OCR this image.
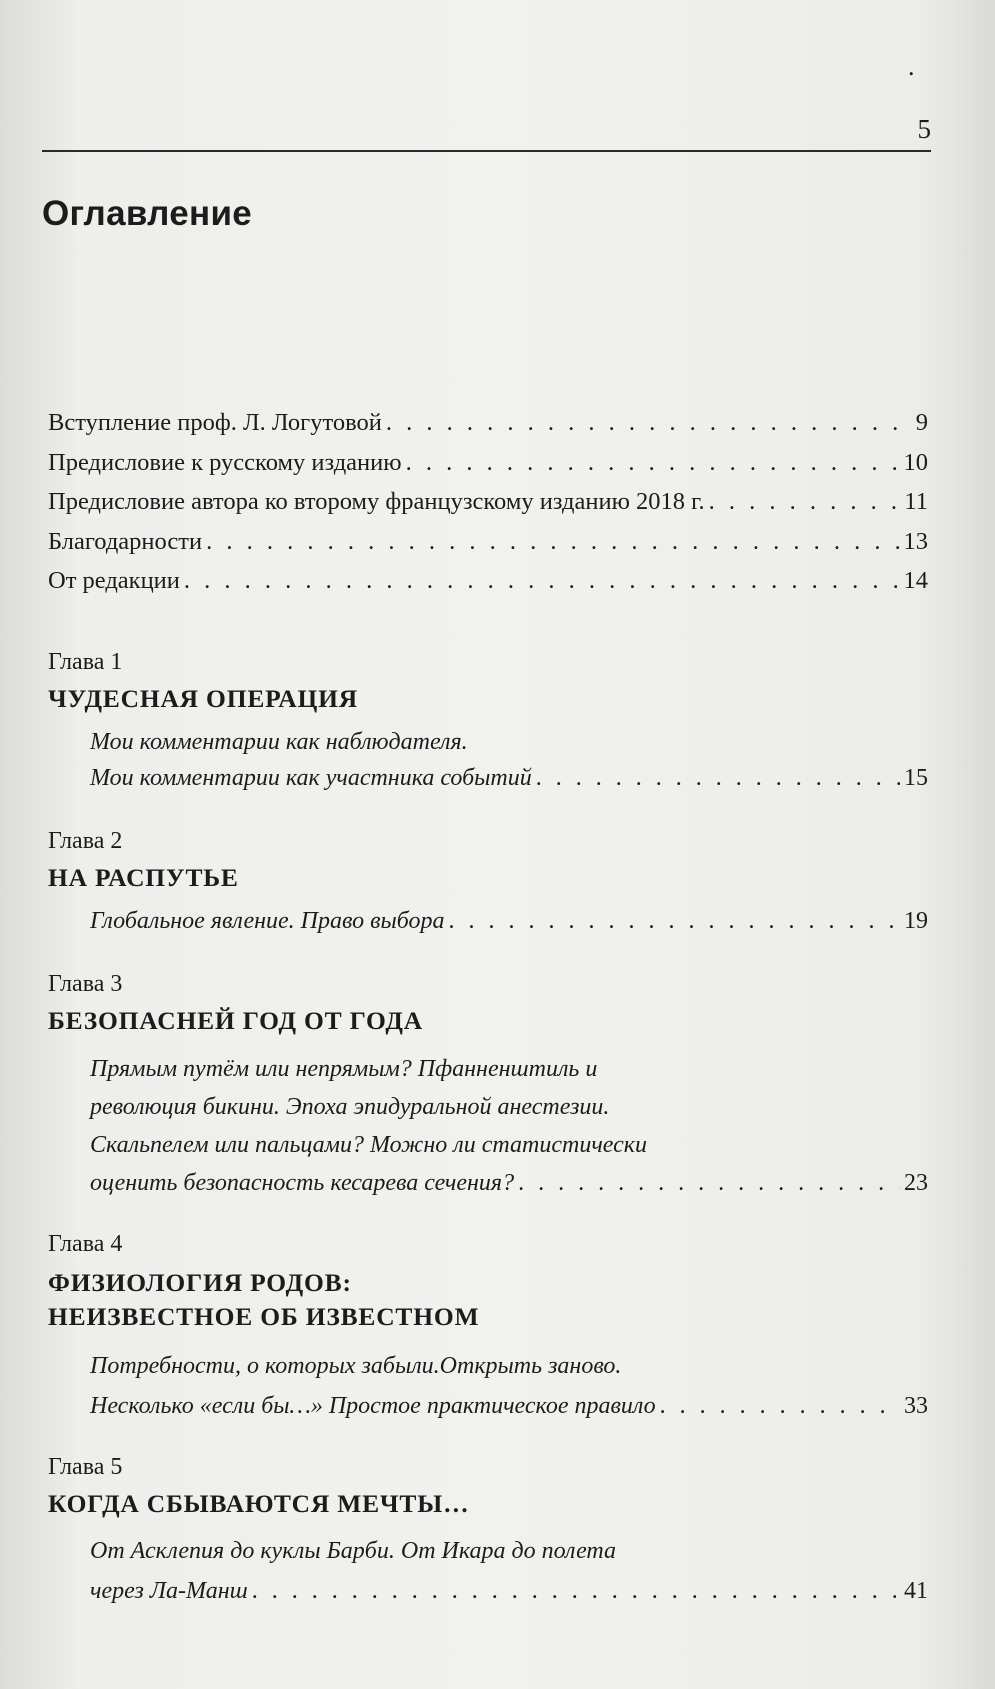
.
5
Оглавление
Вступление проф. Л. Логутовой . . .	9
Предисловие к русскому изданию . . .	10
Предисловие автора ко второму французскому изданию 2018 г. . . .	11
Благодарности . . .	13
От редакции . . .	14
Глава 1
ЧУДЕСНАЯ ОПЕРАЦИЯ
Мои комментарии как наблюдателя.
Мои комментарии как участника событий . . .	15
Глава 2
НА РАСПУТЬЕ
Глобальное явление. Право выбора . . .	19
Глава 3
БЕЗОПАСНЕЙ ГОД ОТ ГОДА
Прямым путём или непрямым? Пфанненштиль и
революция бикини. Эпоха эпидуральной анестезии.
Скальпелем или пальцами? Можно ли статистически
оценить безопасность кесарева сечения? . . .	23
Глава 4
ФИЗИОЛОГИЯ РОДОВ:
НЕИЗВЕСТНОЕ ОБ ИЗВЕСТНОМ
Потребности, о которых забыли.Открыть заново.
Несколько «если бы…» Простое практическое правило . . .	33
Глава 5
КОГДА СБЫВАЮТСЯ МЕЧТЫ…
От Асклепия до куклы Барби. От Икара до полета
через Ла-Манш . . .	41
